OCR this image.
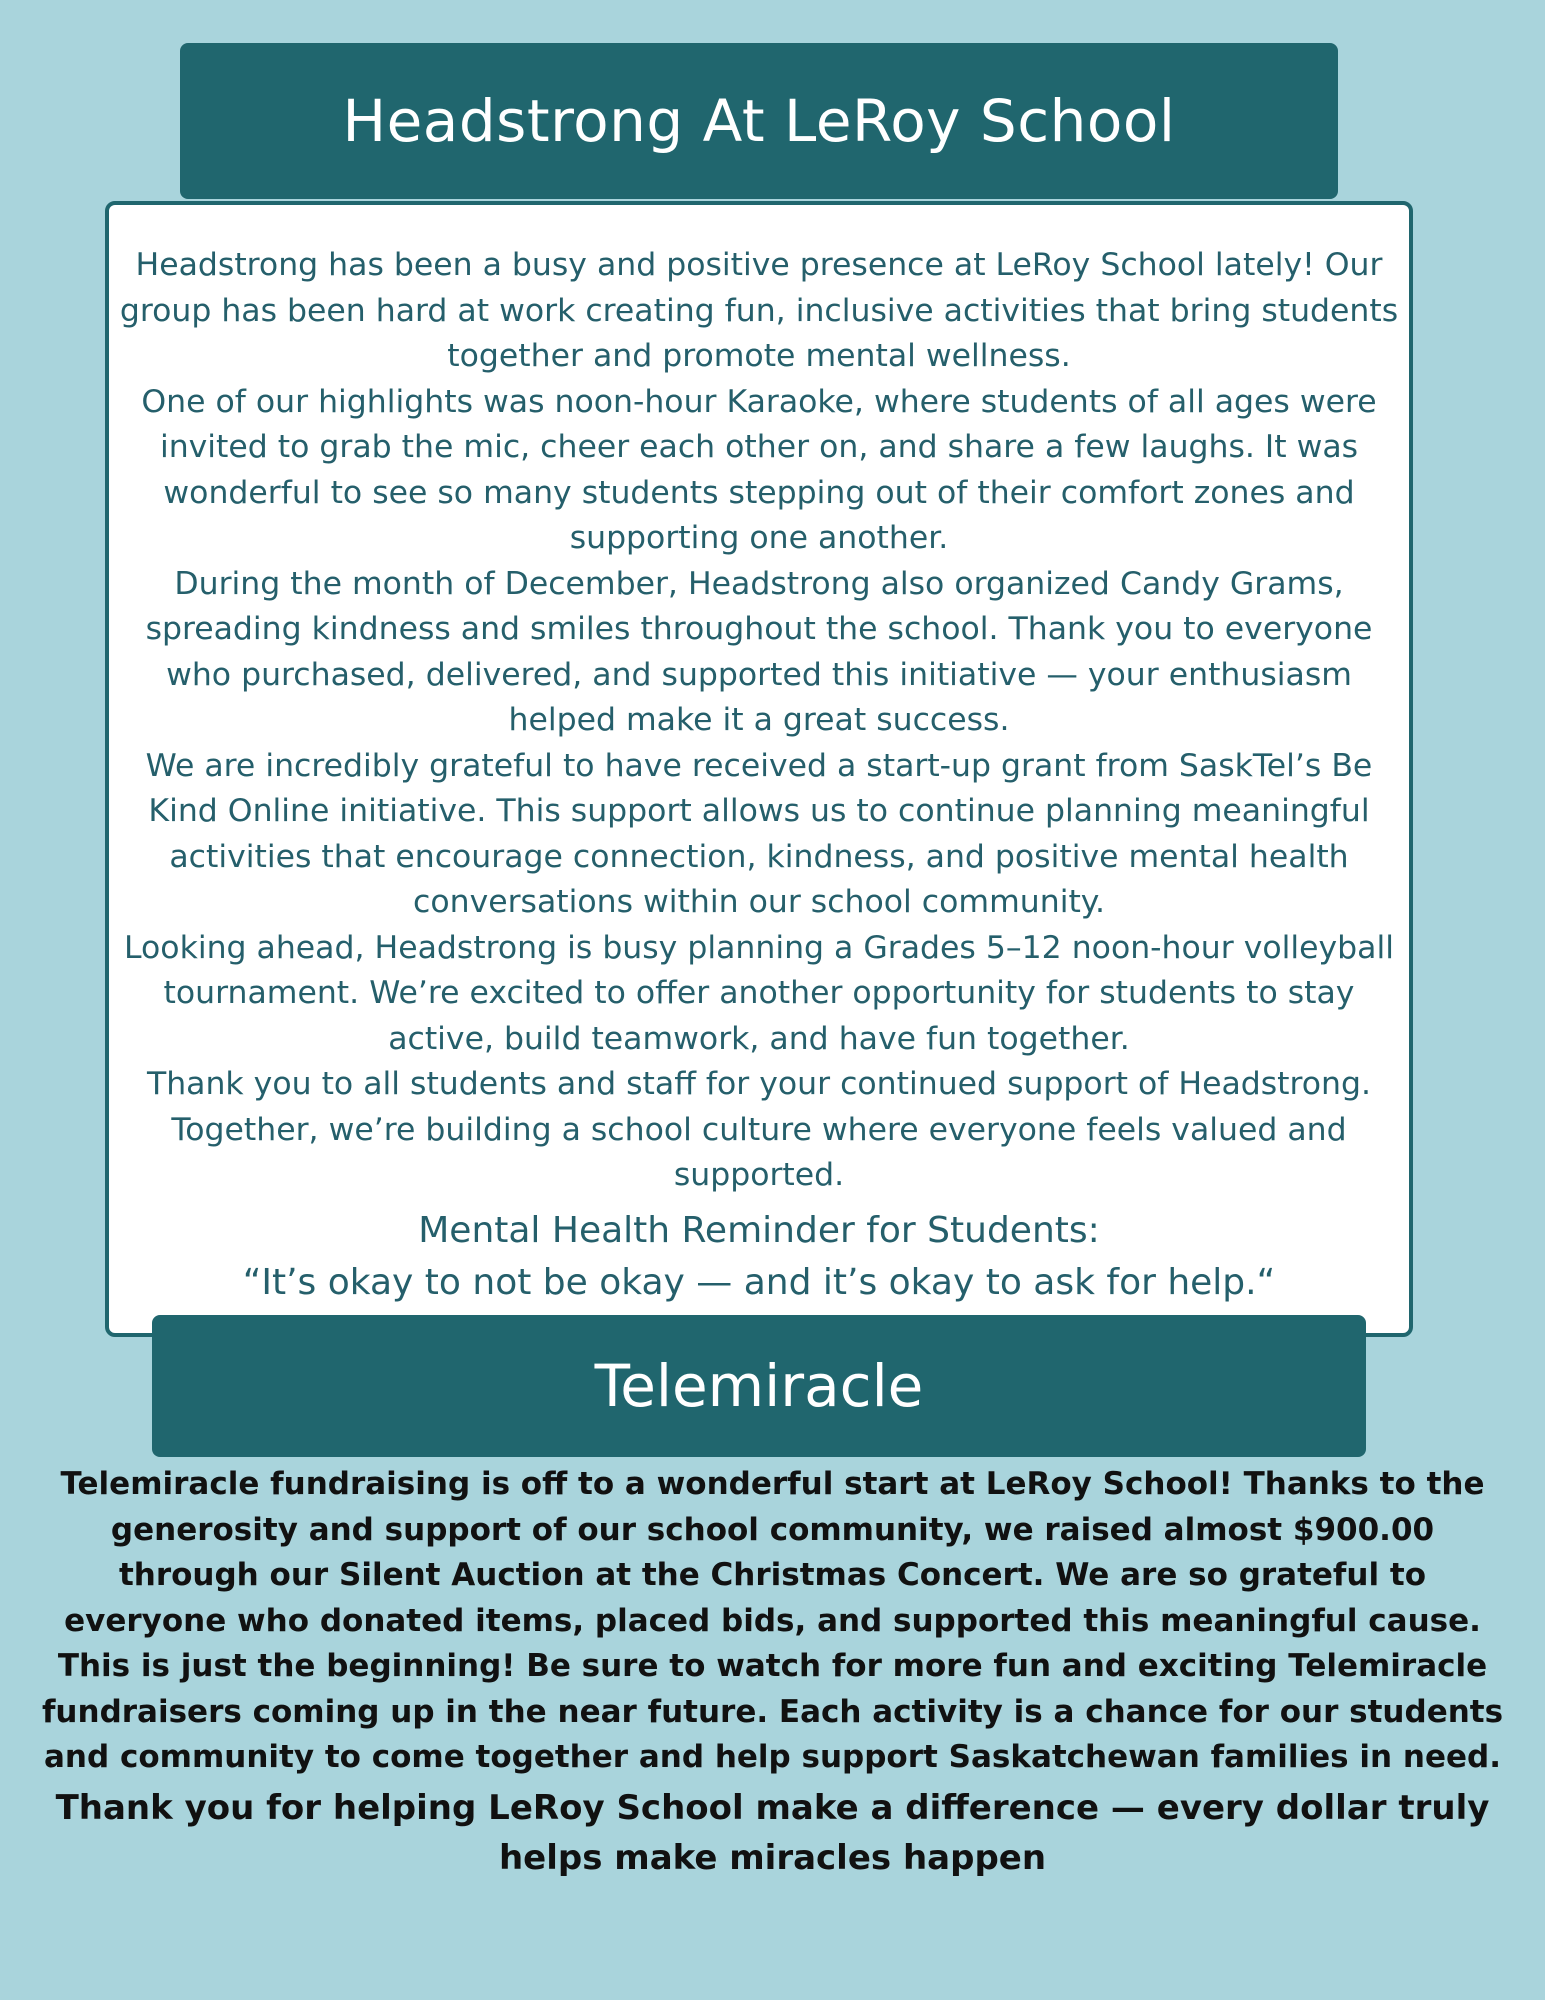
Headstrong At LeRoy School

Headstrong has been a busy and positive presence at LeRoy School lately! Our group has been hard at work creating fun, inclusive activities that bring students together and promote mental wellness.

One of our highlights was noon-hour Karaoke, where students of all ages were invited to grab the mic, cheer each other on, and share a few laughs. It was wonderful to see so many students stepping out of their comfort zones and supporting one another.

During the month of December, Headstrong also organized Candy Grams, spreading kindness and smiles throughout the school. Thank you to everyone who purchased, delivered, and supported this initiative — your enthusiasm helped make it a great success.

We are incredibly grateful to have received a start-up grant from SaskTel’s Be Kind Online initiative. This support allows us to continue planning meaningful activities that encourage connection, kindness, and positive mental health conversations within our school community.

Looking ahead, Headstrong is busy planning a Grades 5–12 noon-hour volleyball tournament. We’re excited to offer another opportunity for students to stay active, build teamwork, and have fun together.

Thank you to all students and staff for your continued support of Headstrong. Together, we’re building a school culture where everyone feels valued and supported.

Mental Health Reminder for Students:

“It’s okay to not be okay — and it’s okay to ask for help.“

Telemiracle

Telemiracle fundraising is off to a wonderful start at LeRoy School! Thanks to the generosity and support of our school community, we raised almost $900.00 through our Silent Auction at the Christmas Concert. We are so grateful to everyone who donated items, placed bids, and supported this meaningful cause.

This is just the beginning! Be sure to watch for more fun and exciting Telemiracle fundraisers coming up in the near future. Each activity is a chance for our students and community to come together and help support Saskatchewan families in need.

Thank you for helping LeRoy School make a difference — every dollar truly helps make miracles happen
